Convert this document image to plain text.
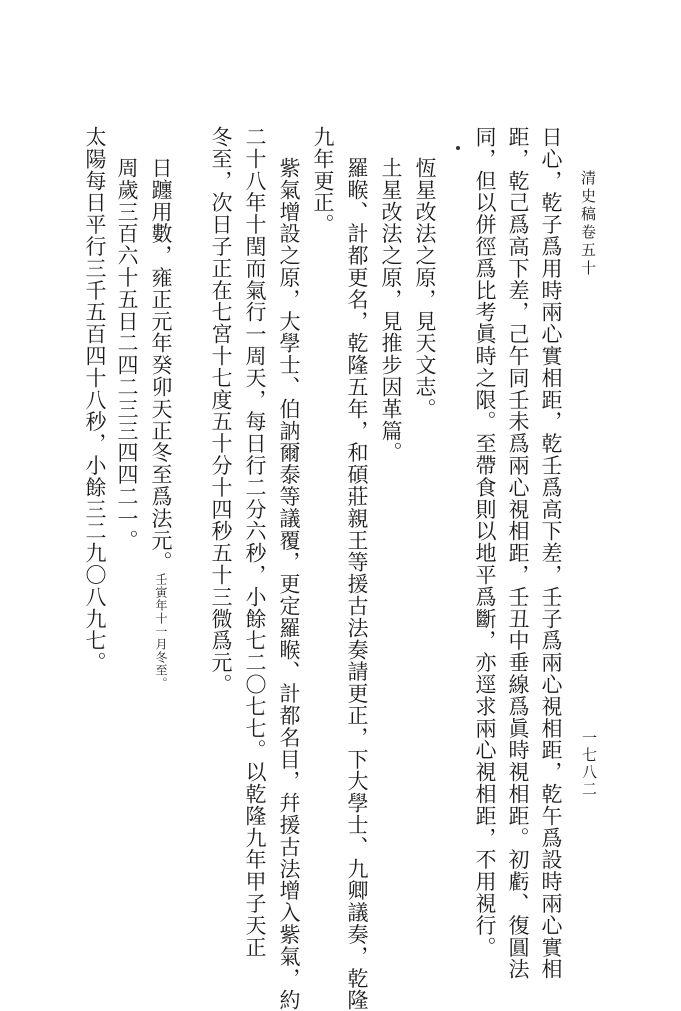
清史稿卷五十
一七八二
日心，乾子爲用時兩心實相距，乾壬爲高下差，壬子爲兩心視相距，乾午爲設時兩心實相
距，乾己爲高下差，己午同壬未爲兩心視相距，壬丑中垂線爲眞時視相距。初虧、復圓法
同，但以併徑爲比考眞時之限。至帶食則以地平爲斷，亦逕求兩心視相距，不用視行。
恆星改法之原，見天文志。
土星改法之原，見推步因革篇。
羅睺、計都更名，乾隆五年，和碩莊親王等援古法奏請更正，下大學士、九卿議奏，乾隆
九年更正。
紫氣增設之原，大學士、伯訥爾泰等議覆，更定羅睺、計都名目，幷援古法增入紫氣，約
二十八年十閏而氣行一周天，每日行二分六秒，小餘七二〇七七。以乾隆九年甲子天正
冬至，次日子正在七宮十七度五十分十四秒五十三微爲元。
日躔用數，雍正元年癸卯天正冬至爲法元。壬寅年十一月冬至。
周歲三百六十五日二四二三三四四二一。
太陽每日平行三千五百四十八秒，小餘三二九〇八九七。
